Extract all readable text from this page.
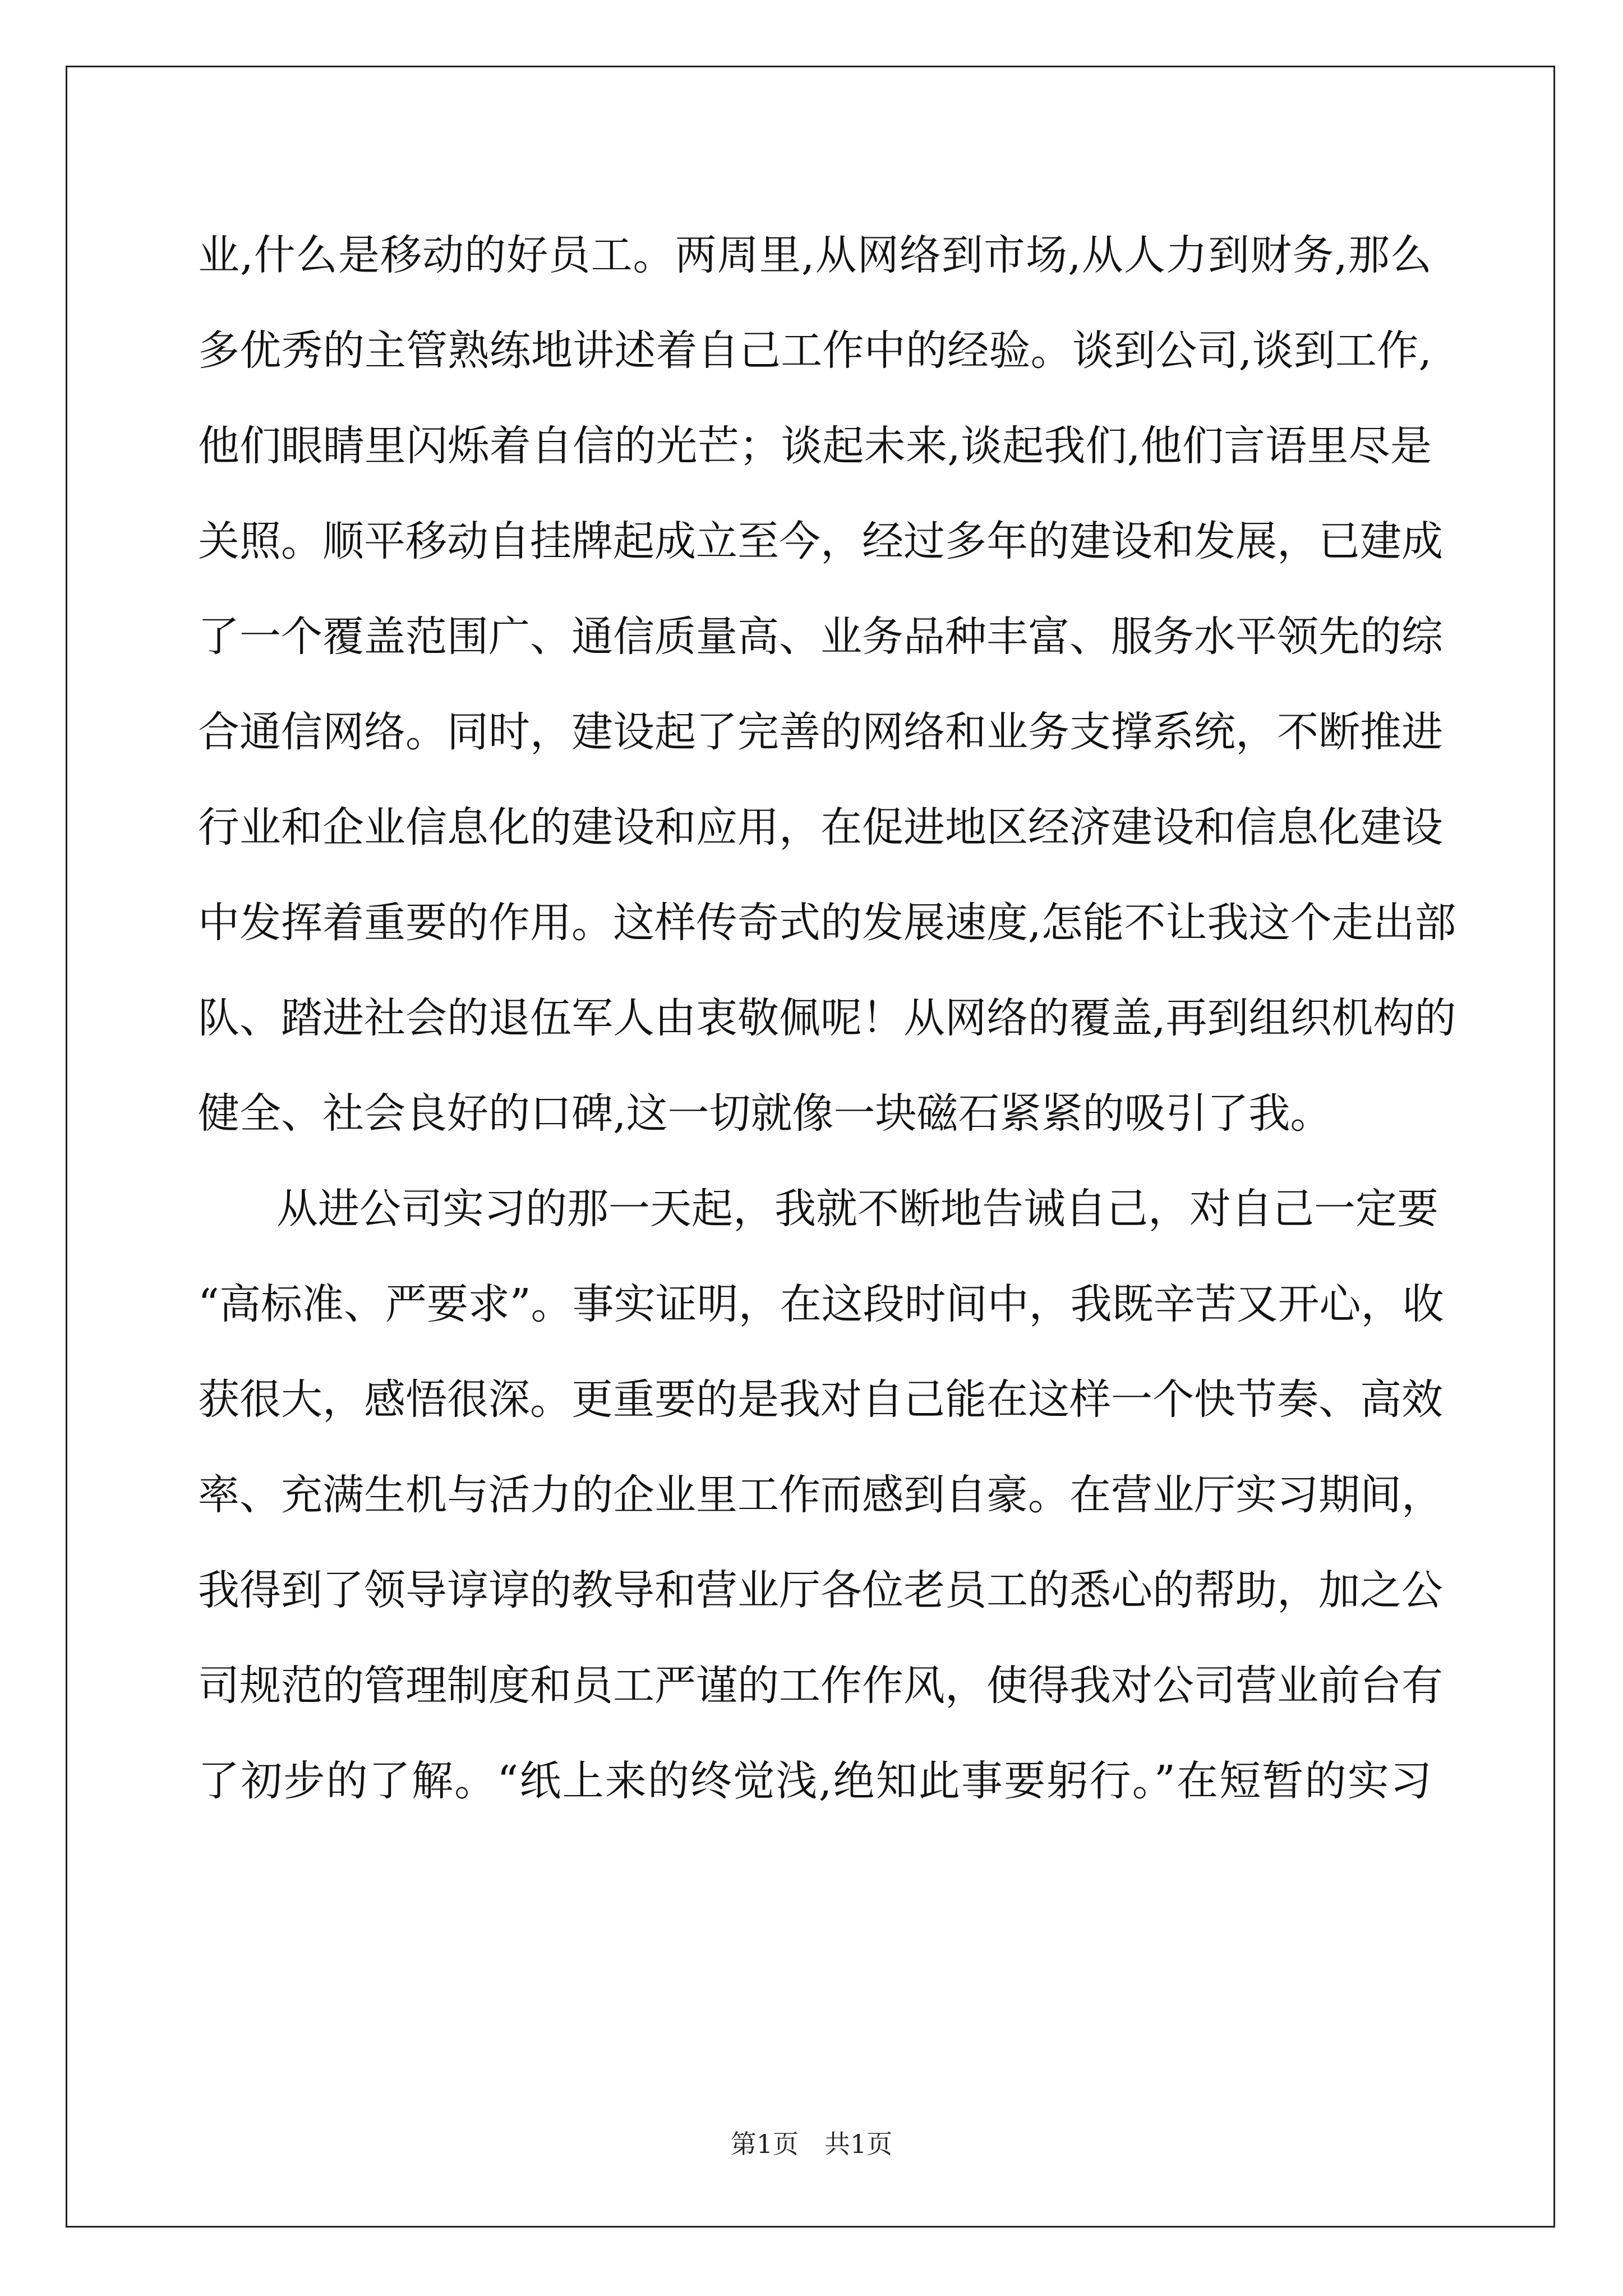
业,什么是移动的好员工。两周里,从网络到市场,从人力到财务,那么
多优秀的主管熟练地讲述着自己工作中的经验。谈到公司,谈到工作,
他们眼睛里闪烁着自信的光芒；谈起未来,谈起我们,他们言语里尽是
关照。顺平移动自挂牌起成立至今，经过多年的建设和发展，已建成
了一个覆盖范围广、通信质量高、业务品种丰富、服务水平领先的综
合通信网络。同时，建设起了完善的网络和业务支撑系统，不断推进
行业和企业信息化的建设和应用，在促进地区经济建设和信息化建设
中发挥着重要的作用。这样传奇式的发展速度,怎能不让我这个走出部
队、踏进社会的退伍军人由衷敬佩呢！从网络的覆盖,再到组织机构的
健全、社会良好的口碑,这一切就像一块磁石紧紧的吸引了我。
从进公司实习的那一天起，我就不断地告诫自己，对自己一定要
“高标准、严要求”。事实证明，在这段时间中，我既辛苦又开心，收
获很大，感悟很深。更重要的是我对自己能在这样一个快节奏、高效
率、充满生机与活力的企业里工作而感到自豪。在营业厅实习期间，
我得到了领导谆谆的教导和营业厅各位老员工的悉心的帮助，加之公
司规范的管理制度和员工严谨的工作作风，使得我对公司营业前台有
了初步的了解。“纸上来的终觉浅,绝知此事要躬行。”在短暂的实习
第1页　共1页
